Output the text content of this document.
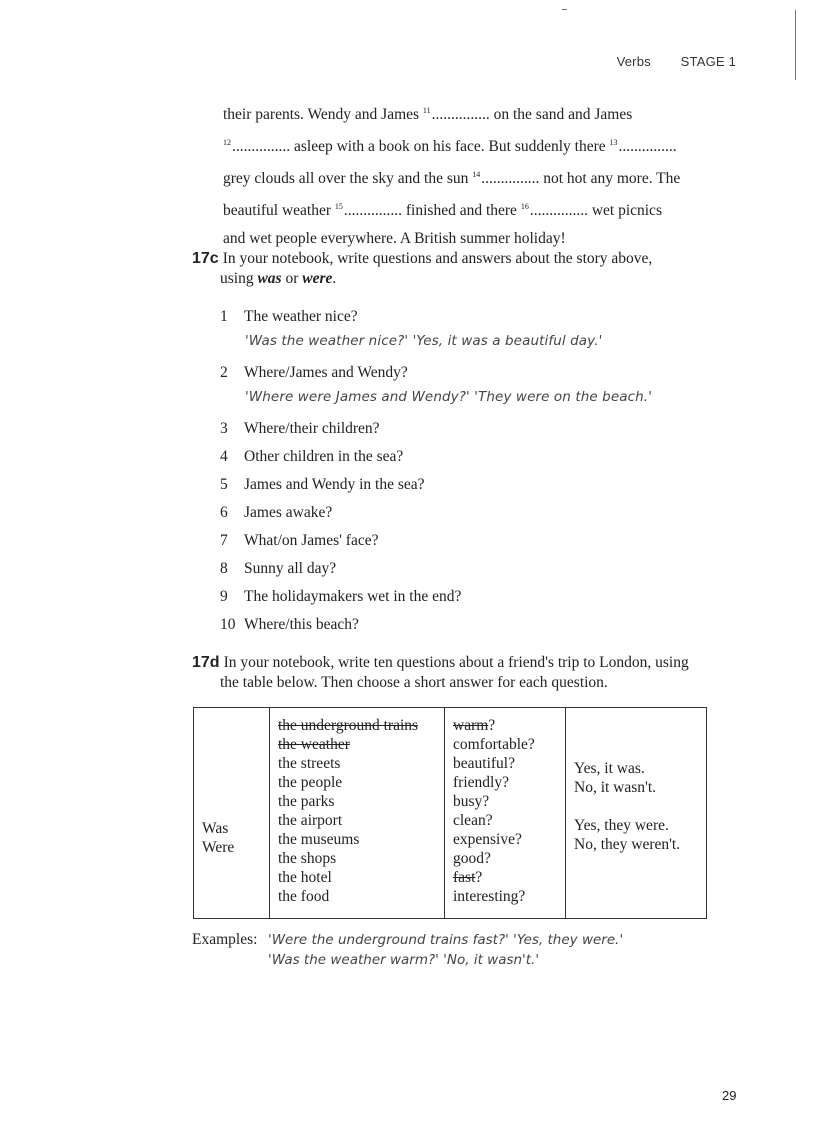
Verbs STAGE 1

their parents. Wendy and James $^{11}$............... on the sand and James

$^{12}$............... asleep with a book on his face. But suddenly there $^{13}$...............

grey clouds all over the sky and the sun $^{14}$............... not hot any more. The

beautiful weather $^{15}$............... finished and there $^{16}$............... wet picnics

and wet people everywhere. A British summer holiday!

17c In your notebook, write questions and answers about the story above,
using was or were.
1	The weather nice?
'Was the weather nice?' 'Yes, it was a beautiful day.'
2	Where/James and Wendy?
'Where were James and Wendy?' 'They were on the beach.'
3	Where/their children?
4	Other children in the sea?
5	James and Wendy in the sea?
6	James awake?
7	What/on James' face?
8	Sunny all day?
9	The holidaymakers wet in the end?
10 Where/this beach?
17d In your notebook, write ten questions about a friend's trip to London, using
the table below. Then choose a short answer for each question.
Was
Were

the underground trains
the weather
the streets
the people
the parks
the airport
the museums
the shops
the hotel
the food

warm?
comfortable?
beautiful?
friendly?
busy?
clean?
expensive?
good?
fast?
interesting?

Yes, it was.
No, it wasn't.
Yes, they were.
No, they weren't.
Examples: 'Were the underground trains fast?' 'Yes, they were.'
'Was the weather warm?' 'No, it wasn't.'
29
